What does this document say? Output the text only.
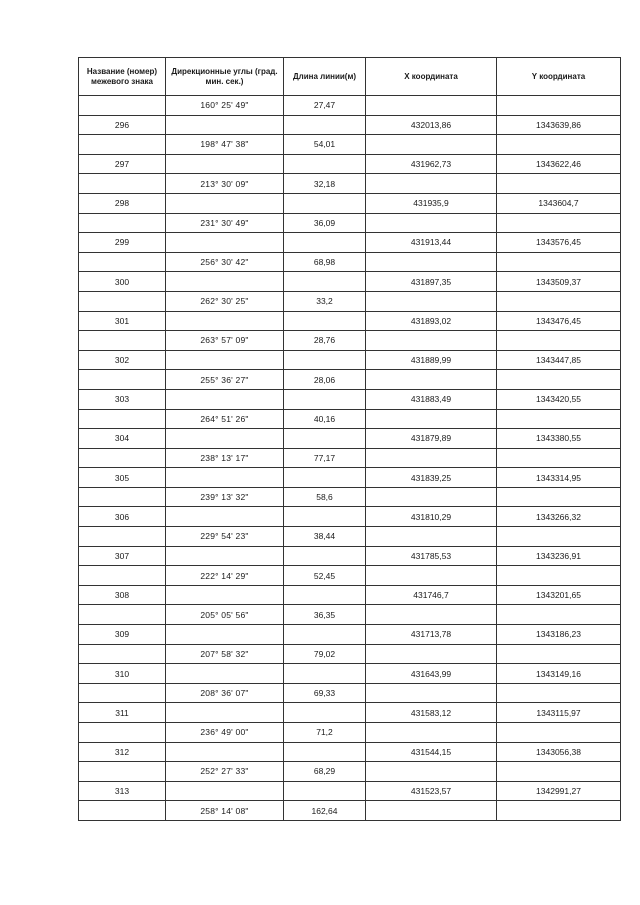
Название (номер) межевого знака	Дирекционные углы (град. мин. сек.)	Длина линии(м)	X координата	Y координата
	160° 25' 49"	27,47		
296			432013,86	1343639,86
	198° 47' 38"	54,01		
297			431962,73	1343622,46
	213° 30' 09"	32,18		
298			431935,9	1343604,7
	231° 30' 49"	36,09		
299			431913,44	1343576,45
	256° 30' 42"	68,98		
300			431897,35	1343509,37
	262° 30' 25"	33,2		
301			431893,02	1343476,45
	263° 57' 09"	28,76		
302			431889,99	1343447,85
	255° 36' 27"	28,06		
303			431883,49	1343420,55
	264° 51' 26"	40,16		
304			431879,89	1343380,55
	238° 13' 17"	77,17		
305			431839,25	1343314,95
	239° 13' 32"	58,6		
306			431810,29	1343266,32
	229° 54' 23"	38,44		
307			431785,53	1343236,91
	222° 14' 29"	52,45		
308			431746,7	1343201,65
	205° 05' 56"	36,35		
309			431713,78	1343186,23
	207° 58' 32"	79,02		
310			431643,99	1343149,16
	208° 36' 07"	69,33		
311			431583,12	1343115,97
	236° 49' 00"	71,2		
312			431544,15	1343056,38
	252° 27' 33"	68,29		
313			431523,57	1342991,27
	258° 14' 08"	162,64		
